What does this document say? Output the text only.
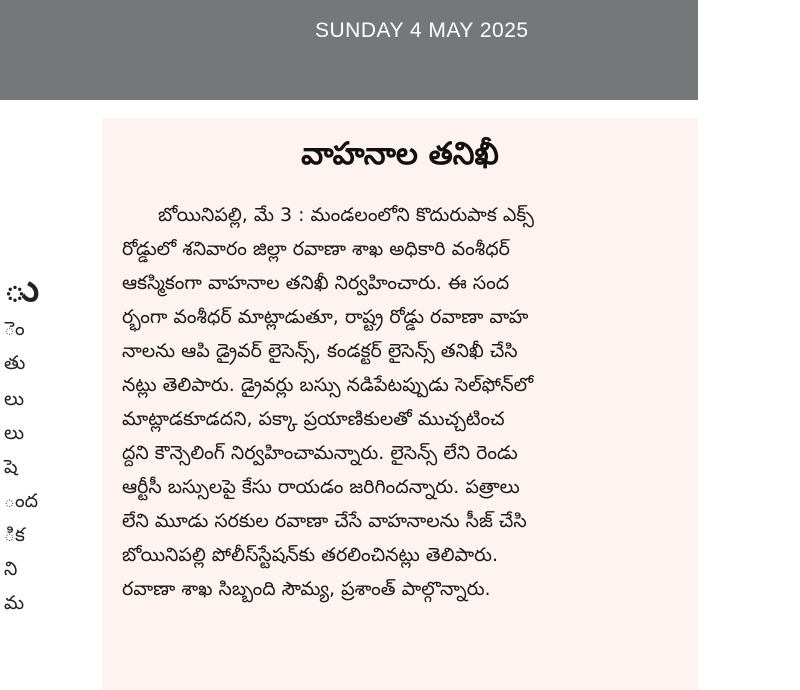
SUNDAY 4 MAY 2025
ు
ెం
తు
లు
లు
షె
ంద
ిక
ని
మ
వాహనాల తనిఖీ
బోయినిపల్లి, మే 3 : మండలంలోని కొదురుపాక ఎక్స్
రోడ్డులో శనివారం జిల్లా రవాణా శాఖ అధికారి వంశీధర్
ఆకస్మికంగా వాహనాల తనిఖీ నిర్వహించారు. ఈ సంద
ర్భంగా వంశీధర్ మాట్లాడుతూ, రాష్ట్ర రోడ్డు రవాణా వాహ
నాలను ఆపి డ్రైవర్ లైసెన్స్, కండక్టర్ లైసెన్స్ తనిఖీ చేసి
నట్లు తెలిపారు. డ్రైవర్లు బస్సు నడిపేటప్పుడు సెల్‌ఫోన్‌లో
మాట్లాడకూడదని, పక్కా ప్రయాణికులతో ముచ్చటించ
ద్దని కౌన్సెలింగ్ నిర్వహించామన్నారు. లైసెన్స్ లేని రెండు
ఆర్టీసీ బస్సులపై కేసు రాయడం జరిగిందన్నారు. పత్రాలు
లేని మూడు సరకుల రవాణా చేసే వాహనాలను సీజ్ చేసి
బోయినిపల్లి పోలీస్‌స్టేషన్‌కు తరలించినట్లు తెలిపారు.
రవాణా శాఖ సిబ్బంది సౌమ్య, ప్రశాంత్ పాల్గొన్నారు.
